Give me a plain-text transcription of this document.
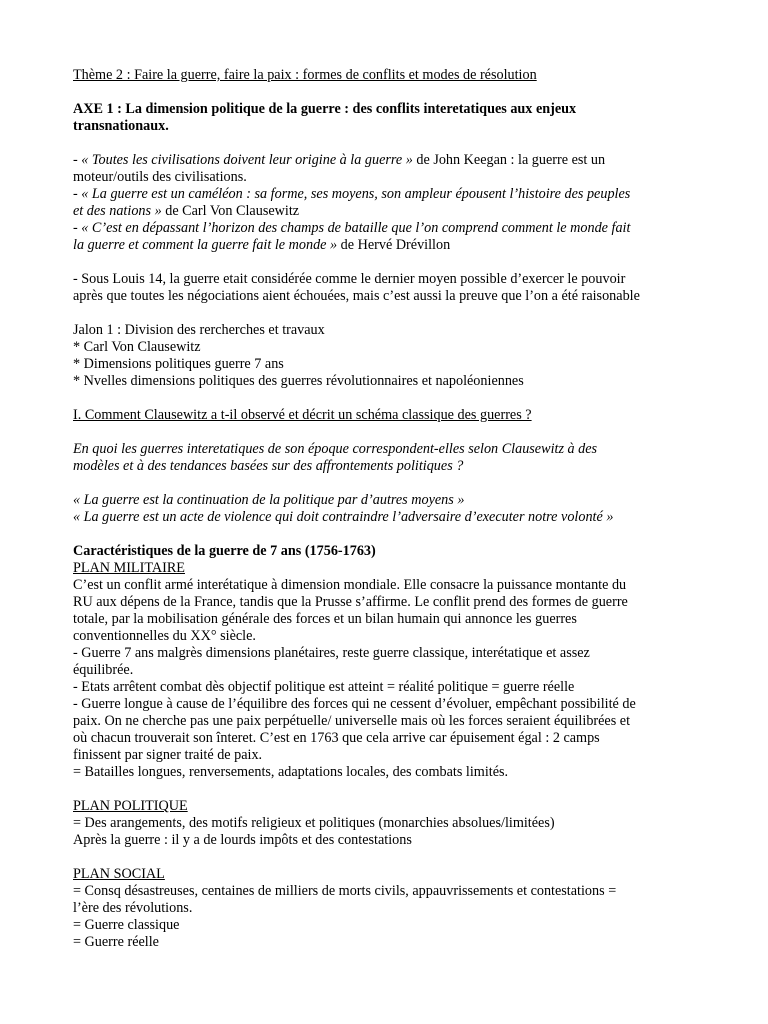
Thème 2 : Faire la guerre, faire la paix : formes de conflits et modes de résolution
AXE 1 : La dimension politique de la guerre : des conflits interetatiques aux enjeux
transnationaux.
- « Toutes les civilisations doivent leur origine à la guerre » de John Keegan : la guerre est un
moteur/outils des civilisations.
- « La guerre est un caméléon : sa forme, ses moyens, son ampleur épousent l’histoire des peuples
et des nations » de Carl Von Clausewitz
- « C’est en dépassant l’horizon des champs de bataille que l’on comprend comment le monde fait
la guerre et comment la guerre fait le monde » de Hervé Drévillon
- Sous Louis 14, la guerre etait considérée comme le dernier moyen possible d’exercer le pouvoir
après que toutes les négociations aient échouées, mais c’est aussi la preuve que l’on a été raisonable
Jalon 1 : Division des rercherches et travaux
* Carl Von Clausewitz
* Dimensions politiques guerre 7 ans
* Nvelles dimensions politiques des guerres révolutionnaires et napoléoniennes
I. Comment Clausewitz a t-il observé et décrit un schéma classique des guerres ?
En quoi les guerres interetatiques de son époque correspondent-elles selon Clausewitz à des
modèles et à des tendances basées sur des affrontements politiques ?
« La guerre est la continuation de la politique par d’autres moyens »
« La guerre est un acte de violence qui doit contraindre l’adversaire d’executer notre volonté »
Caractéristiques de la guerre de 7 ans (1756-1763)
PLAN MILITAIRE
C’est un conflit armé interétatique à dimension mondiale. Elle consacre la puissance montante du
RU aux dépens de la France, tandis que la Prusse s’affirme. Le conflit prend des formes de guerre
totale, par la mobilisation générale des forces et un bilan humain qui annonce les guerres
conventionnelles du XX° siècle.
- Guerre 7 ans malgrès dimensions planétaires, reste guerre classique, interétatique et assez
équilibrée.
- Etats arrêtent combat dès objectif politique est atteint = réalité politique = guerre réelle
- Guerre longue à cause de l’équilibre des forces qui ne cessent d’évoluer, empêchant possibilité de
paix. On ne cherche pas une paix perpétuelle/ universelle mais où les forces seraient équilibrées et
où chacun trouverait son înteret. C’est en 1763 que cela arrive car épuisement égal : 2 camps
finissent par signer traité de paix.
= Batailles longues, renversements, adaptations locales, des combats limités.
PLAN POLITIQUE
= Des arangements, des motifs religieux et politiques (monarchies absolues/limitées)
Après la guerre : il y a de lourds impôts et des contestations
PLAN SOCIAL
= Consq désastreuses, centaines de milliers de morts civils, appauvrissements et contestations =
l’ère des révolutions.
= Guerre classique
= Guerre réelle
